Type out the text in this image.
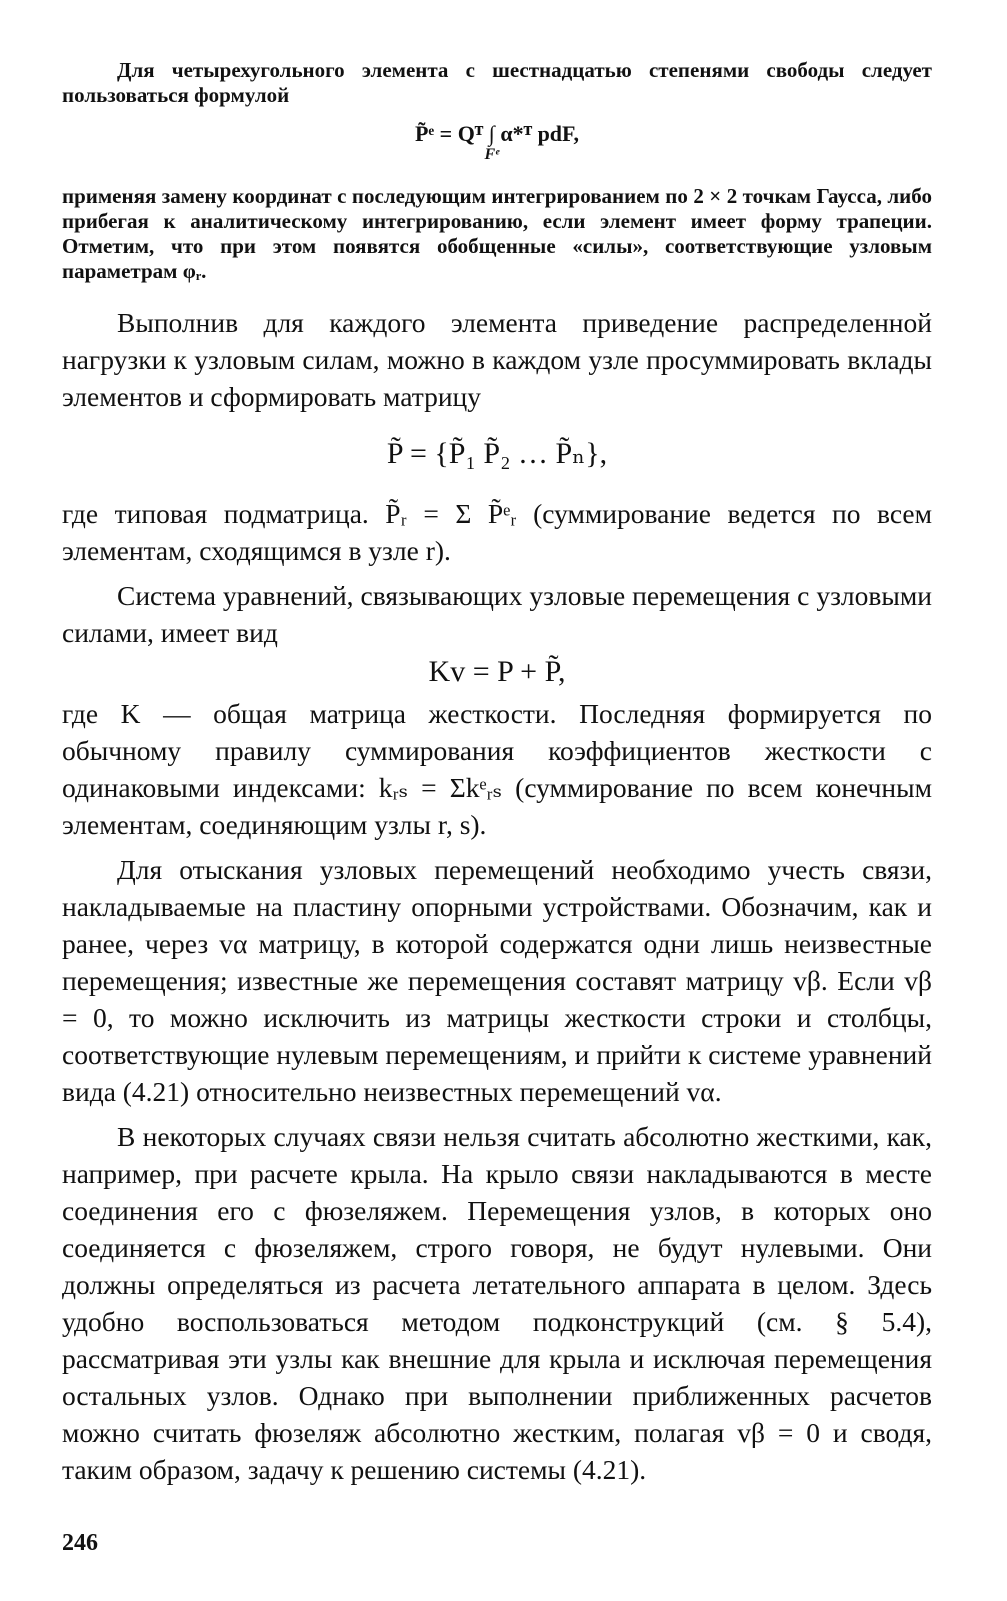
Для четырехугольного элемента с шестнадцатью степенями свободы следует пользоваться формулой

P̃ᵉ = Qᵀ ∫ α*ᵀ pdF,
Fᵉ

применяя замену координат с последующим интегрированием по 2 × 2 точкам Гаусса, либо прибегая к аналитическому интегрированию, если элемент имеет форму трапеции. Отметим, что при этом появятся обобщенные «силы», соответствующие узловым параметрам φᵣ.

Выполнив для каждого элемента приведение распределенной нагрузки к узловым силам, можно в каждом узле просуммировать вклады элементов и сформировать матрицу

P̃ = {P̃₁ P̃₂ … P̃ₙ},

где типовая подматрица. P̃ᵣ = Σ P̃ᵉᵣ (суммирование ведется по всем элементам, сходящимся в узле r).

Система уравнений, связывающих узловые перемещения с узловыми силами, имеет вид

Kv = P + P̃,

где K — общая матрица жесткости. Последняя формируется по обычному правилу суммирования коэффициентов жесткости с одинаковыми индексами: kᵣₛ = Σkᵉᵣₛ (суммирование по всем конечным элементам, соединяющим узлы r, s).

Для отыскания узловых перемещений необходимо учесть связи, накладываемые на пластину опорными устройствами. Обозначим, как и ранее, через vα матрицу, в которой содержатся одни лишь неизвестные перемещения; известные же перемещения составят матрицу vβ. Если vβ = 0, то можно исключить из матрицы жесткости строки и столбцы, соответствующие нулевым перемещениям, и прийти к системе уравнений вида (4.21) относительно неизвестных перемещений vα.

В некоторых случаях связи нельзя считать абсолютно жесткими, как, например, при расчете крыла. На крыло связи накладываются в месте соединения его с фюзеляжем. Перемещения узлов, в которых оно соединяется с фюзеляжем, строго говоря, не будут нулевыми. Они должны определяться из расчета летательного аппарата в целом. Здесь удобно воспользоваться методом подконструкций (см. § 5.4), рассматривая эти узлы как внешние для крыла и исключая перемещения остальных узлов. Однако при выполнении приближенных расчетов можно считать фюзеляж абсолютно жестким, полагая vβ = 0 и сводя, таким образом, задачу к решению системы (4.21).

246
